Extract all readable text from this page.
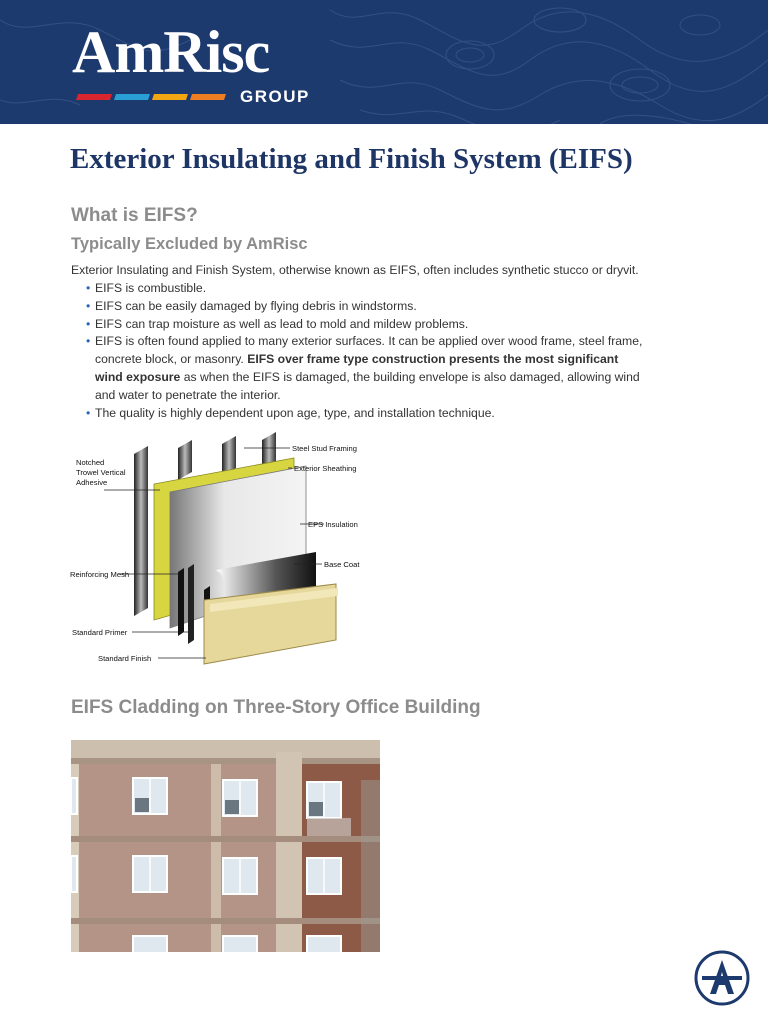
AmRisc
GROUP
Exterior Insulating and Finish System (EIFS)
What is EIFS?
Typically Excluded by AmRisc
Exterior Insulating and Finish System, otherwise known as EIFS, often includes synthetic stucco or dryvit.
• EIFS is combustible.
• EIFS can be easily damaged by flying debris in windstorms.
• EIFS can trap moisture as well as lead to mold and mildew problems.
• EIFS is often found applied to many exterior surfaces. It can be applied over wood frame, steel frame, concrete block, or masonry. EIFS over frame type construction presents the most significant wind exposure as when the EIFS is damaged, the building envelope is also damaged, allowing wind and water to penetrate the interior.
• The quality is highly dependent upon age, type, and installation technique.
Steel Stud Framing
Exterior Sheathing
Notched
Trowel Vertical
Adhesive
EPS Insulation
Base Coat
Reinforcing Mesh
Standard Primer
Standard Finish
EIFS Cladding on Three-Story Office Building
